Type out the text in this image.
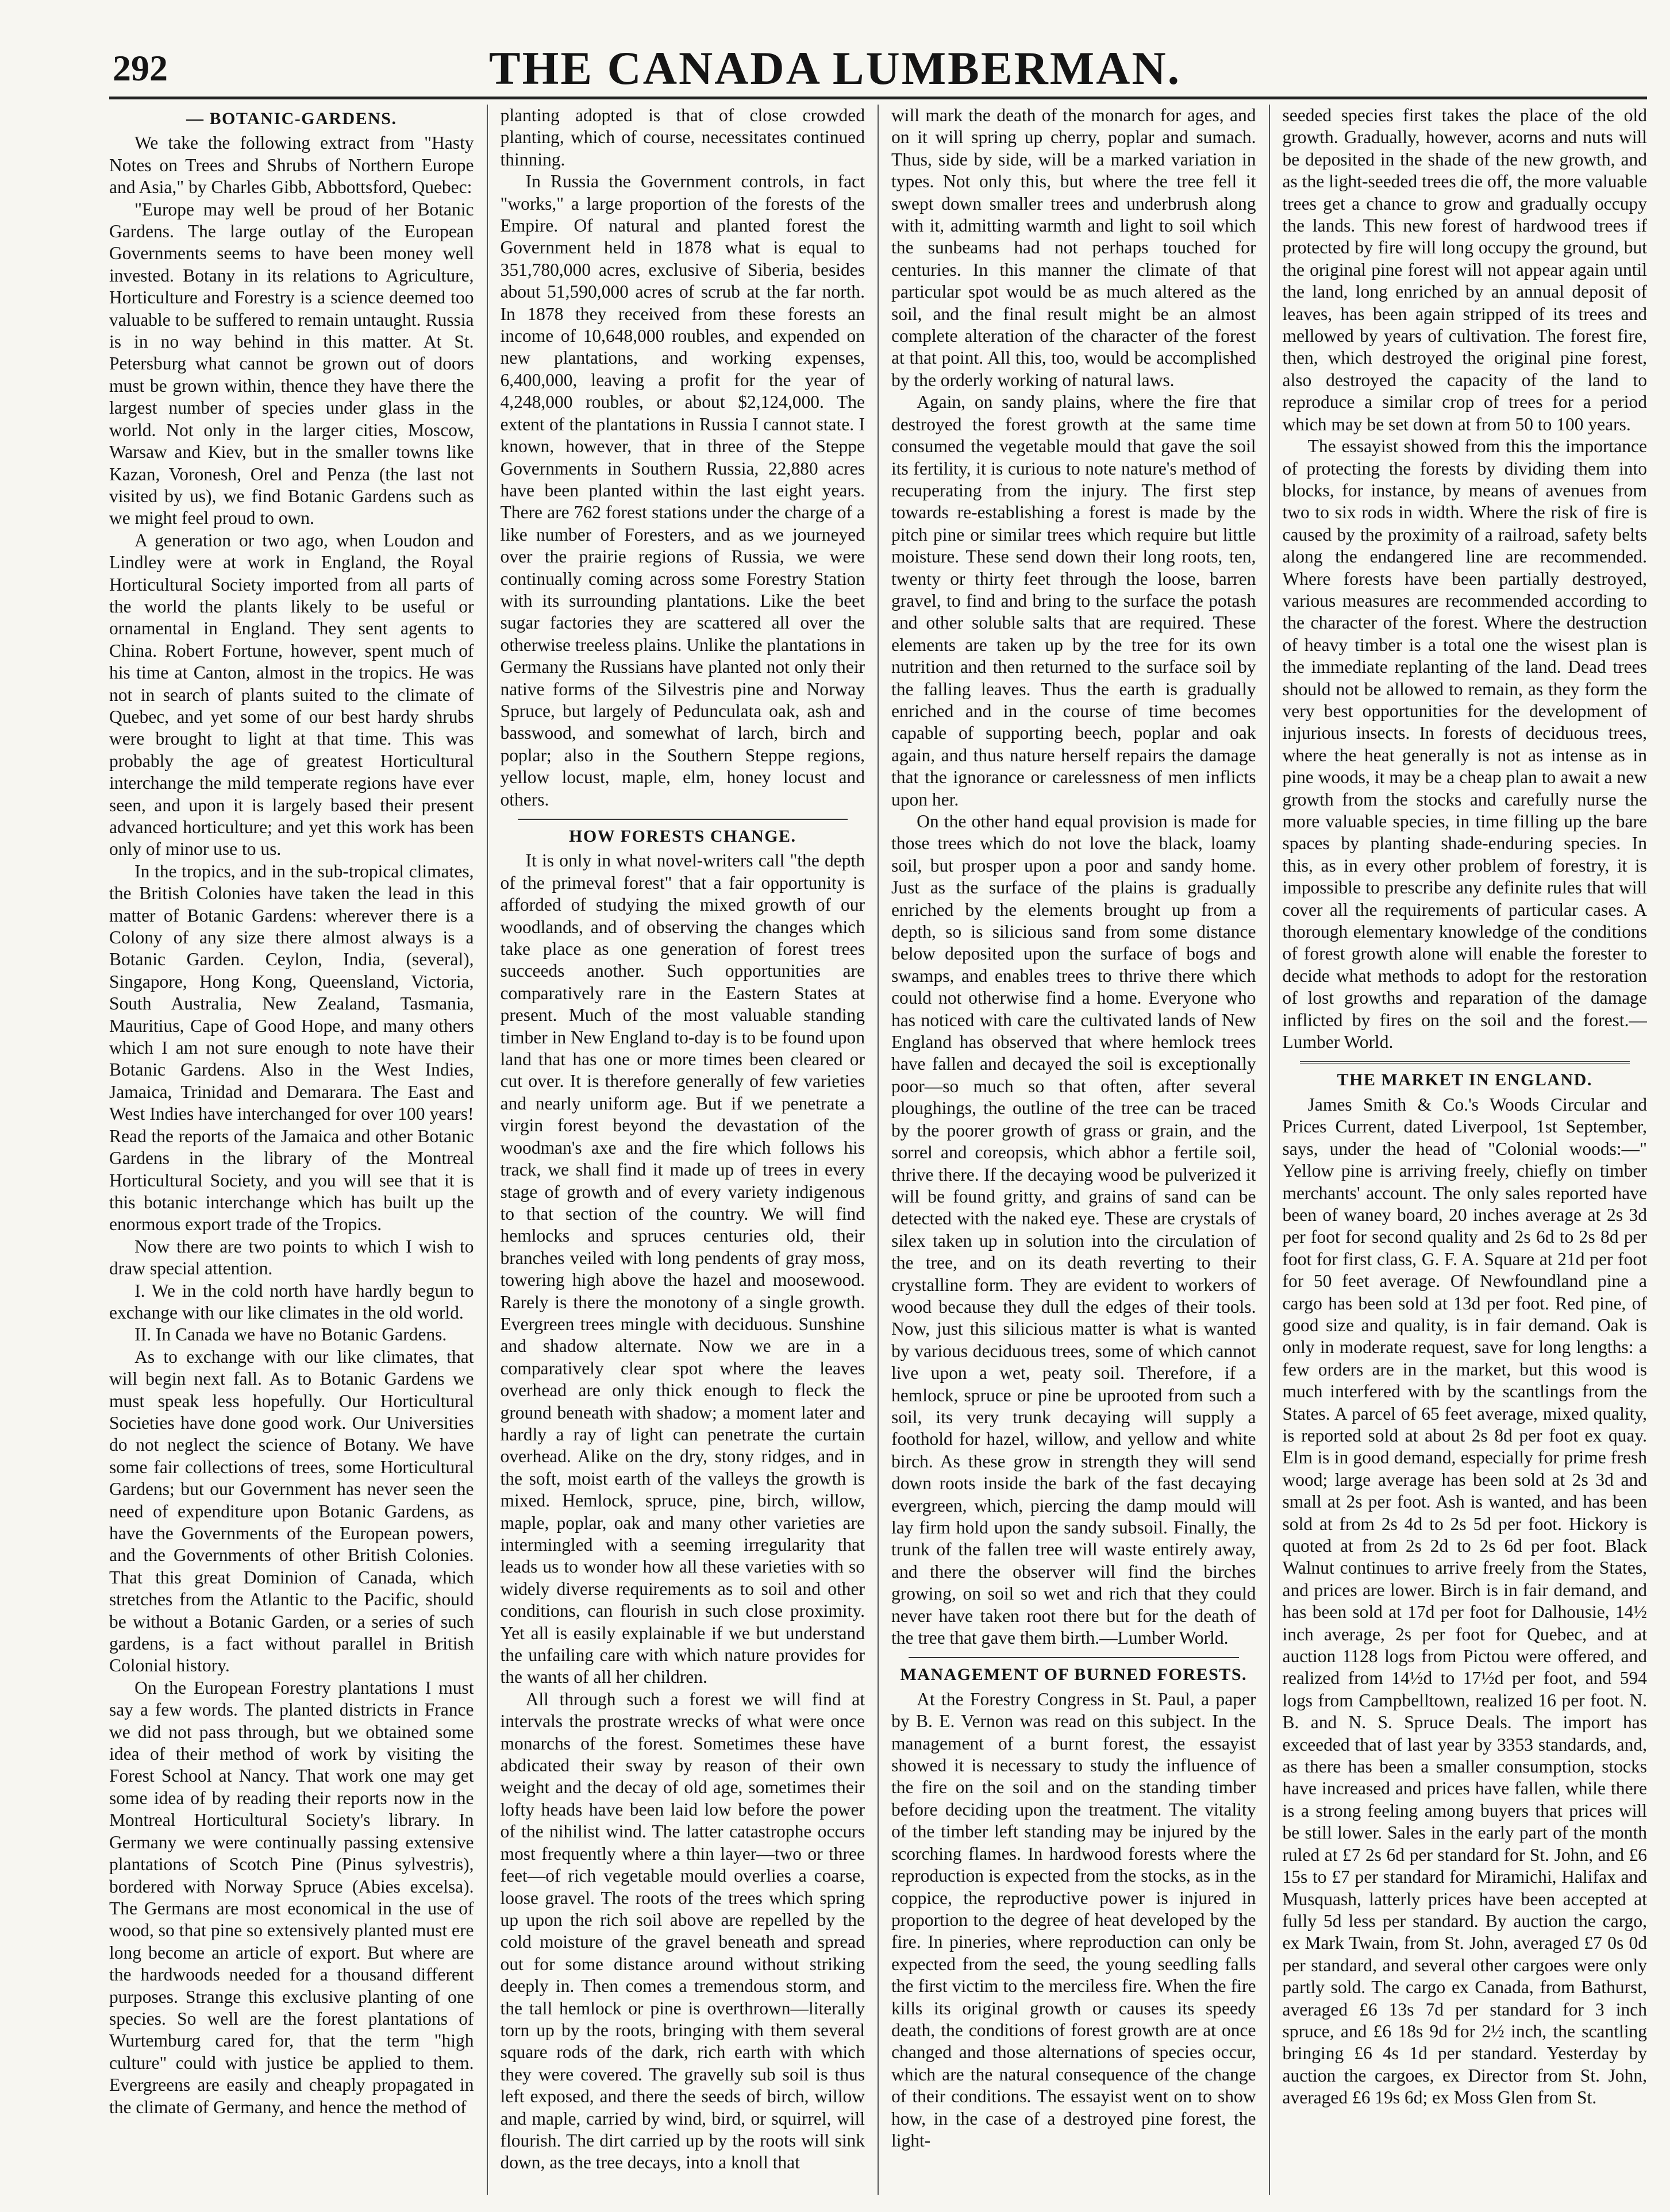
292	THE CANADA LUMBERMAN.
— BOTANIC-GARDENS.

We take the following extract from "Hasty Notes on Trees and Shrubs of Northern Europe and Asia," by Charles Gibb, Abbottsford, Quebec:

"Europe may well be proud of her Botanic Gardens. The large outlay of the European Governments seems to have been money well invested. Botany in its relations to Agriculture, Horticulture and Forestry is a science deemed too valuable to be suffered to remain untaught. Russia is in no way behind in this matter. At St. Petersburg what cannot be grown out of doors must be grown within, thence they have there the largest number of species under glass in the world. Not only in the larger cities, Moscow, Warsaw and Kiev, but in the smaller towns like Kazan, Voronesh, Orel and Penza (the last not visited by us), we find Botanic Gardens such as we might feel proud to own.

A generation or two ago, when Loudon and Lindley were at work in England, the Royal Horticultural Society imported from all parts of the world the plants likely to be useful or ornamental in England. They sent agents to China. Robert Fortune, however, spent much of his time at Canton, almost in the tropics. He was not in search of plants suited to the climate of Quebec, and yet some of our best hardy shrubs were brought to light at that time. This was probably the age of greatest Horticultural interchange the mild temperate regions have ever seen, and upon it is largely based their present advanced horticulture; and yet this work has been only of minor use to us.

In the tropics, and in the sub-tropical climates, the British Colonies have taken the lead in this matter of Botanic Gardens: wherever there is a Colony of any size there almost always is a Botanic Garden. Ceylon, India, (several), Singapore, Hong Kong, Queensland, Victoria, South Australia, New Zealand, Tasmania, Mauritius, Cape of Good Hope, and many others which I am not sure enough to note have their Botanic Gardens. Also in the West Indies, Jamaica, Trinidad and Demarara. The East and West Indies have interchanged for over 100 years! Read the reports of the Jamaica and other Botanic Gardens in the library of the Montreal Horticultural Society, and you will see that it is this botanic interchange which has built up the enormous export trade of the Tropics.

Now there are two points to which I wish to draw special attention.

I. We in the cold north have hardly begun to exchange with our like climates in the old world.

II. In Canada we have no Botanic Gardens.

As to exchange with our like climates, that will begin next fall. As to Botanic Gardens we must speak less hopefully. Our Horticultural Societies have done good work. Our Universities do not neglect the science of Botany. We have some fair collections of trees, some Horticultural Gardens; but our Government has never seen the need of expenditure upon Botanic Gardens, as have the Governments of the European powers, and the Governments of other British Colonies. That this great Dominion of Canada, which stretches from the Atlantic to the Pacific, should be without a Botanic Garden, or a series of such gardens, is a fact without parallel in British Colonial history.

On the European Forestry plantations I must say a few words. The planted districts in France we did not pass through, but we obtained some idea of their method of work by visiting the Forest School at Nancy. That work one may get some idea of by reading their reports now in the Montreal Horticultural Society's library. In Germany we were continually passing extensive plantations of Scotch Pine (Pinus sylvestris), bordered with Norway Spruce (Abies excelsa). The Germans are most economical in the use of wood, so that pine so extensively planted must ere long become an article of export. But where are the hardwoods needed for a thousand different purposes. Strange this exclusive planting of one species. So well are the forest plantations of Wurtemburg cared for, that the term "high culture" could with justice be applied to them. Evergreens are easily and cheaply propagated in the climate of Germany, and hence the method of

planting adopted is that of close crowded planting, which of course, necessitates continued thinning.

In Russia the Government controls, in fact "works," a large proportion of the forests of the Empire. Of natural and planted forest the Government held in 1878 what is equal to 351,780,000 acres, exclusive of Siberia, besides about 51,590,000 acres of scrub at the far north. In 1878 they received from these forests an income of 10,648,000 roubles, and expended on new plantations, and working expenses, 6,400,000, leaving a profit for the year of 4,248,000 roubles, or about $2,124,000. The extent of the plantations in Russia I cannot state. I known, however, that in three of the Steppe Governments in Southern Russia, 22,880 acres have been planted within the last eight years. There are 762 forest stations under the charge of a like number of Foresters, and as we journeyed over the prairie regions of Russia, we were continually coming across some Forestry Station with its surrounding plantations. Like the beet sugar factories they are scattered all over the otherwise treeless plains. Unlike the plantations in Germany the Russians have planted not only their native forms of the Silvestris pine and Norway Spruce, but largely of Pedunculata oak, ash and basswood, and somewhat of larch, birch and poplar; also in the Southern Steppe regions, yellow locust, maple, elm, honey locust and others.

HOW FORESTS CHANGE.

It is only in what novel-writers call "the depth of the primeval forest" that a fair opportunity is afforded of studying the mixed growth of our woodlands, and of observing the changes which take place as one generation of forest trees succeeds another. Such opportunities are comparatively rare in the Eastern States at present. Much of the most valuable standing timber in New England to-day is to be found upon land that has one or more times been cleared or cut over. It is therefore generally of few varieties and nearly uniform age. But if we penetrate a virgin forest beyond the devastation of the woodman's axe and the fire which follows his track, we shall find it made up of trees in every stage of growth and of every variety indigenous to that section of the country. We will find hemlocks and spruces centuries old, their branches veiled with long pendents of gray moss, towering high above the hazel and moosewood. Rarely is there the monotony of a single growth. Evergreen trees mingle with deciduous. Sunshine and shadow alternate. Now we are in a comparatively clear spot where the leaves overhead are only thick enough to fleck the ground beneath with shadow; a moment later and hardly a ray of light can penetrate the curtain overhead. Alike on the dry, stony ridges, and in the soft, moist earth of the valleys the growth is mixed. Hemlock, spruce, pine, birch, willow, maple, poplar, oak and many other varieties are intermingled with a seeming irregularity that leads us to wonder how all these varieties with so widely diverse requirements as to soil and other conditions, can flourish in such close proximity. Yet all is easily explainable if we but understand the unfailing care with which nature provides for the wants of all her children.

All through such a forest we will find at intervals the prostrate wrecks of what were once monarchs of the forest. Sometimes these have abdicated their sway by reason of their own weight and the decay of old age, sometimes their lofty heads have been laid low before the power of the nihilist wind. The latter catastrophe occurs most frequently where a thin layer—two or three feet—of rich vegetable mould overlies a coarse, loose gravel. The roots of the trees which spring up upon the rich soil above are repelled by the cold moisture of the gravel beneath and spread out for some distance around without striking deeply in. Then comes a tremendous storm, and the tall hemlock or pine is overthrown—literally torn up by the roots, bringing with them several square rods of the dark, rich earth with which they were covered. The gravelly sub soil is thus left exposed, and there the seeds of birch, willow and maple, carried by wind, bird, or squirrel, will flourish. The dirt carried up by the roots will sink down, as the tree decays, into a knoll that

will mark the death of the monarch for ages, and on it will spring up cherry, poplar and sumach. Thus, side by side, will be a marked variation in types. Not only this, but where the tree fell it swept down smaller trees and underbrush along with it, admitting warmth and light to soil which the sunbeams had not perhaps touched for centuries. In this manner the climate of that particular spot would be as much altered as the soil, and the final result might be an almost complete alteration of the character of the forest at that point. All this, too, would be accomplished by the orderly working of natural laws.

Again, on sandy plains, where the fire that destroyed the forest growth at the same time consumed the vegetable mould that gave the soil its fertility, it is curious to note nature's method of recuperating from the injury. The first step towards re-establishing a forest is made by the pitch pine or similar trees which require but little moisture. These send down their long roots, ten, twenty or thirty feet through the loose, barren gravel, to find and bring to the surface the potash and other soluble salts that are required. These elements are taken up by the tree for its own nutrition and then returned to the surface soil by the falling leaves. Thus the earth is gradually enriched and in the course of time becomes capable of supporting beech, poplar and oak again, and thus nature herself repairs the damage that the ignorance or carelessness of men inflicts upon her.

On the other hand equal provision is made for those trees which do not love the black, loamy soil, but prosper upon a poor and sandy home. Just as the surface of the plains is gradually enriched by the elements brought up from a depth, so is silicious sand from some distance below deposited upon the surface of bogs and swamps, and enables trees to thrive there which could not otherwise find a home. Everyone who has noticed with care the cultivated lands of New England has observed that where hemlock trees have fallen and decayed the soil is exceptionally poor—so much so that often, after several ploughings, the outline of the tree can be traced by the poorer growth of grass or grain, and the sorrel and coreopsis, which abhor a fertile soil, thrive there. If the decaying wood be pulverized it will be found gritty, and grains of sand can be detected with the naked eye. These are crystals of silex taken up in solution into the circulation of the tree, and on its death reverting to their crystalline form. They are evident to workers of wood because they dull the edges of their tools. Now, just this silicious matter is what is wanted by various deciduous trees, some of which cannot live upon a wet, peaty soil. Therefore, if a hemlock, spruce or pine be uprooted from such a soil, its very trunk decaying will supply a foothold for hazel, willow, and yellow and white birch. As these grow in strength they will send down roots inside the bark of the fast decaying evergreen, which, piercing the damp mould will lay firm hold upon the sandy subsoil. Finally, the trunk of the fallen tree will waste entirely away, and there the observer will find the birches growing, on soil so wet and rich that they could never have taken root there but for the death of the tree that gave them birth.—Lumber World.

MANAGEMENT OF BURNED FORESTS.

At the Forestry Congress in St. Paul, a paper by B. E. Vernon was read on this subject. In the management of a burnt forest, the essayist showed it is necessary to study the influence of the fire on the soil and on the standing timber before deciding upon the treatment. The vitality of the timber left standing may be injured by the scorching flames. In hardwood forests where the reproduction is expected from the stocks, as in the coppice, the reproductive power is injured in proportion to the degree of heat developed by the fire. In pineries, where reproduction can only be expected from the seed, the young seedling falls the first victim to the merciless fire. When the fire kills its original growth or causes its speedy death, the conditions of forest growth are at once changed and those alternations of species occur, which are the natural consequence of the change of their conditions. The essayist went on to show how, in the case of a destroyed pine forest, the light-

seeded species first takes the place of the old growth. Gradually, however, acorns and nuts will be deposited in the shade of the new growth, and as the light-seeded trees die off, the more valuable trees get a chance to grow and gradually occupy the lands. This new forest of hardwood trees if protected by fire will long occupy the ground, but the original pine forest will not appear again until the land, long enriched by an annual deposit of leaves, has been again stripped of its trees and mellowed by years of cultivation. The forest fire, then, which destroyed the original pine forest, also destroyed the capacity of the land to reproduce a similar crop of trees for a period which may be set down at from 50 to 100 years.

The essayist showed from this the importance of protecting the forests by dividing them into blocks, for instance, by means of avenues from two to six rods in width. Where the risk of fire is caused by the proximity of a railroad, safety belts along the endangered line are recommended. Where forests have been partially destroyed, various measures are recommended according to the character of the forest. Where the destruction of heavy timber is a total one the wisest plan is the immediate replanting of the land. Dead trees should not be allowed to remain, as they form the very best opportunities for the development of injurious insects. In forests of deciduous trees, where the heat generally is not as intense as in pine woods, it may be a cheap plan to await a new growth from the stocks and carefully nurse the more valuable species, in time filling up the bare spaces by planting shade-enduring species. In this, as in every other problem of forestry, it is impossible to prescribe any definite rules that will cover all the requirements of particular cases. A thorough elementary knowledge of the conditions of forest growth alone will enable the forester to decide what methods to adopt for the restoration of lost growths and reparation of the damage inflicted by fires on the soil and the forest.—Lumber World.

THE MARKET IN ENGLAND.

James Smith & Co.'s Woods Circular and Prices Current, dated Liverpool, 1st September, says, under the head of "Colonial woods:—" Yellow pine is arriving freely, chiefly on timber merchants' account. The only sales reported have been of waney board, 20 inches average at 2s 3d per foot for second quality and 2s 6d to 2s 8d per foot for first class, G. F. A. Square at 21d per foot for 50 feet average. Of Newfoundland pine a cargo has been sold at 13d per foot. Red pine, of good size and quality, is in fair demand. Oak is only in moderate request, save for long lengths: a few orders are in the market, but this wood is much interfered with by the scantlings from the States. A parcel of 65 feet average, mixed quality, is reported sold at about 2s 8d per foot ex quay. Elm is in good demand, especially for prime fresh wood; large average has been sold at 2s 3d and small at 2s per foot. Ash is wanted, and has been sold at from 2s 4d to 2s 5d per foot. Hickory is quoted at from 2s 2d to 2s 6d per foot. Black Walnut continues to arrive freely from the States, and prices are lower. Birch is in fair demand, and has been sold at 17d per foot for Dalhousie, 14½ inch average, 2s per foot for Quebec, and at auction 1128 logs from Pictou were offered, and realized from 14½d to 17½d per foot, and 594 logs from Campbelltown, realized 16 per foot. N. B. and N. S. Spruce Deals. The import has exceeded that of last year by 3353 standards, and, as there has been a smaller consumption, stocks have increased and prices have fallen, while there is a strong feeling among buyers that prices will be still lower. Sales in the early part of the month ruled at £7 2s 6d per standard for St. John, and £6 15s to £7 per standard for Miramichi, Halifax and Musquash, latterly prices have been accepted at fully 5d less per standard. By auction the cargo, ex Mark Twain, from St. John, averaged £7 0s 0d per standard, and several other cargoes were only partly sold. The cargo ex Canada, from Bathurst, averaged £6 13s 7d per standard for 3 inch spruce, and £6 18s 9d for 2½ inch, the scantling bringing £6 4s 1d per standard. Yesterday by auction the cargoes, ex Director from St. John, averaged £6 19s 6d; ex Moss Glen from St.
